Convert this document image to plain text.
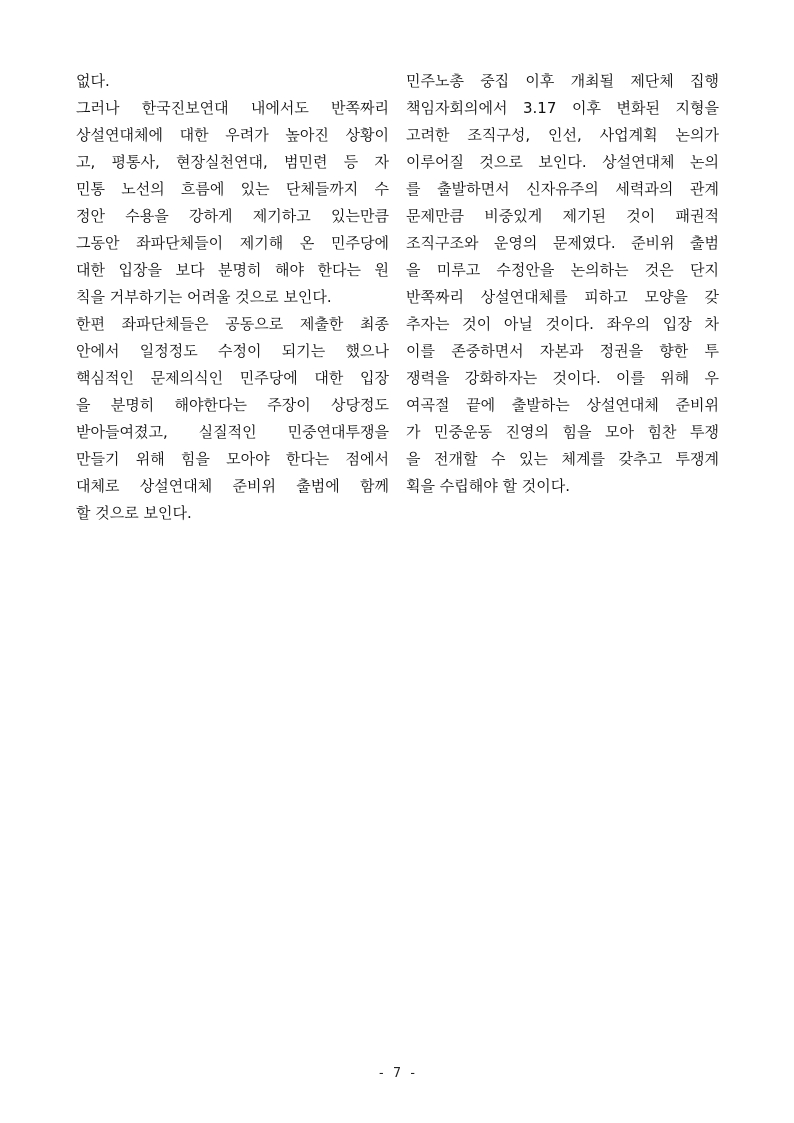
없다.
그러나 한국진보연대 내에서도 반쪽짜리
상설연대체에 대한 우려가 높아진 상황이
고, 평통사, 현장실천연대, 범민련 등 자
민통 노선의 흐름에 있는 단체들까지 수
정안 수용을 강하게 제기하고 있는만큼
그동안 좌파단체들이 제기해 온 민주당에
대한 입장을 보다 분명히 해야 한다는 원
칙을 거부하기는 어려울 것으로 보인다.
한편 좌파단체들은 공동으로 제출한 최종
안에서 일정정도 수정이 되기는 했으나
핵심적인 문제의식인 민주당에 대한 입장
을 분명히 해야한다는 주장이 상당정도
받아들여졌고, 실질적인 민중연대투쟁을
만들기 위해 힘을 모아야 한다는 점에서
대체로 상설연대체 준비위 출범에 함께
할 것으로 보인다.
민주노총 중집 이후 개최될 제단체 집행
책임자회의에서 3.17 이후 변화된 지형을
고려한 조직구성, 인선, 사업계획 논의가
이루어질 것으로 보인다. 상설연대체 논의
를 출발하면서 신자유주의 세력과의 관계
문제만큼 비중있게 제기된 것이 패권적
조직구조와 운영의 문제였다. 준비위 출범
을 미루고 수정안을 논의하는 것은 단지
반쪽짜리 상설연대체를 피하고 모양을 갖
추자는 것이 아닐 것이다. 좌우의 입장 차
이를 존중하면서 자본과 정권을 향한 투
쟁력을 강화하자는 것이다. 이를 위해 우
여곡절 끝에 출발하는 상설연대체 준비위
가 민중운동 진영의 힘을 모아 힘찬 투쟁
을 전개할 수 있는 체계를 갖추고 투쟁계
획을 수립해야 할 것이다.
- 7 -
